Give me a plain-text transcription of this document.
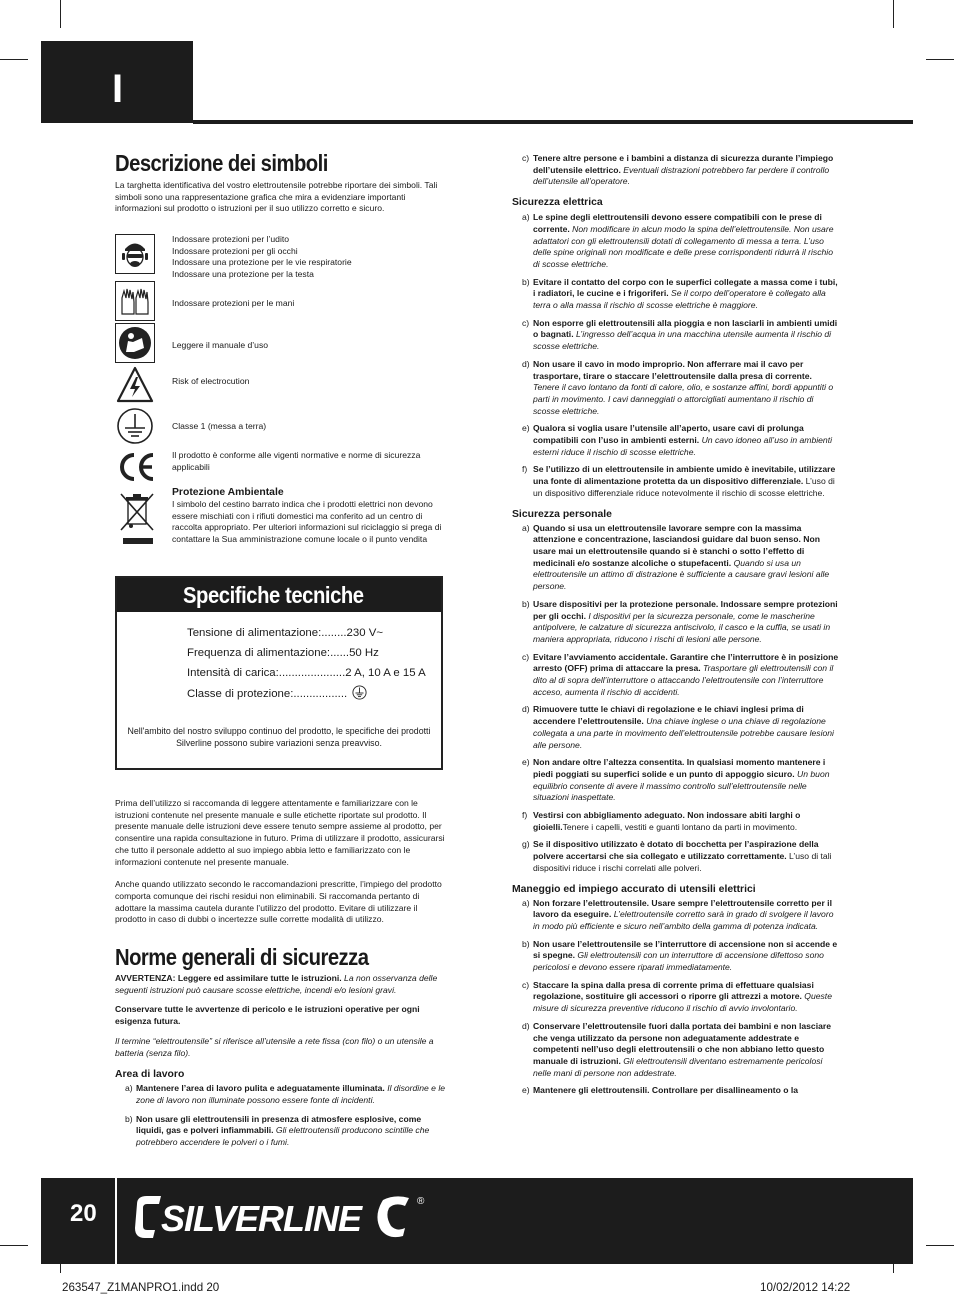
I
Descrizione dei simboli

La targhetta identificativa del vostro elettroutensile potrebbe riportare dei simboli. Tali simboli sono una rappresentazione grafica che mira a evidenziare importanti informazioni sul prodotto o istruzioni per il suo utilizzo corretto e sicuro.

Indossare protezioni per l’udito
Indossare protezioni per gli occhi
Indossare una protezione per le vie respiratorie
Indossare una protezione per la testa
Indossare protezioni per le mani
Leggere il manuale d’uso
Risk of electrocution
Classe 1 (messa a terra)
Il prodotto è conforme alle vigenti normative e norme di sicurezza applicabili
Protezione Ambientale
I simbolo del cestino barrato indica che i prodotti elettrici non devono essere mischiati con i rifiuti domestici ma conferito ad un centro di raccolta appropriato. Per ulteriori informazioni sul riciclaggio si prega di contattare la Sua amministrazione comune locale o il punto vendita
Specifiche tecniche
Tensione di alimentazione:........230 V~
Frequenza di alimentazione:......50 Hz
Intensità di carica:.....................2 A, 10 A e 15 A
Classe di protezione:.................
Nell'ambito del nostro sviluppo continuo del prodotto, le specifiche dei prodotti Silverline possono subire variazioni senza preavviso.

Prima dell’utilizzo si raccomanda di leggere attentamente e familiarizzare con le istruzioni contenute nel presente manuale e sulle etichette riportate sul prodotto. Il presente manuale delle istruzioni deve essere tenuto sempre assieme al prodotto, per consentire una rapida consultazione in futuro. Prima di utilizzare il prodotto, assicurarsi che tutto il personale addetto al suo impiego abbia letto e familiarizzato con le informazioni contenute nel presente manuale.

Anche quando utilizzato secondo le raccomandazioni prescritte, l’impiego del prodotto comporta comunque dei rischi residui non eliminabili. Si raccomanda pertanto di adottare la massima cautela durante l’utilizzo del prodotto. Evitare di utilizzare il prodotto in caso di dubbi o incertezze sulle corrette modalità di utilizzo.

Norme generali di sicurezza

AVVERTENZA: Leggere ed assimilare tutte le istruzioni. La non osservanza delle seguenti istruzioni può causare scosse elettriche, incendi e/o lesioni gravi.

Conservare tutte le avvertenze di pericolo e le istruzioni operative per ogni esigenza futura.

Il termine “elettroutensile” si riferisce all’utensile a rete fissa (con filo) o un utensile a batteria (senza filo).

Area di lavoro

a) Mantenere l’area di lavoro pulita e adeguatamente illuminata. Il disordine e le zone di lavoro non illuminate possono essere fonte di incidenti.
b) Non usare gli elettroutensili in presenza di atmosfere esplosive, come liquidi, gas e polveri infiammabili. Gli elettroutensili producono scintille che potrebbero accendere le polveri o i fumi.
c) Tenere altre persone e i bambini a distanza di sicurezza durante l’impiego dell’utensile elettrico. Eventuali distrazioni potrebbero far perdere il controllo dell’utensile all’operatore.

Sicurezza elettrica

a) Le spine degli elettroutensili devono essere compatibili con le prese di corrente. Non modificare in alcun modo la spina dell’elettroutensile. Non usare adattatori con gli elettroutensili dotati di collegamento di messa a terra. L’uso delle spine originali non modificate e delle prese corrispondenti ridurrà il rischio di scosse elettriche.
b) Evitare il contatto del corpo con le superfici collegate a massa come i tubi, i radiatori, le cucine e i frigoriferi. Se il corpo dell’operatore è collegato alla terra o alla massa il rischio di scosse elettriche è maggiore.
c) Non esporre gli elettroutensili alla pioggia e non lasciarli in ambienti umidi o bagnati. L’ingresso dell’acqua in una macchina utensile aumenta il rischio di scosse elettriche.
d) Non usare il cavo in modo improprio. Non afferrare mai il cavo per trasportare, tirare o staccare l’elettroutensile dalla presa di corrente. Tenere il cavo lontano da fonti di calore, olio, e sostanze affini, bordi appuntiti o parti in movimento. I cavi danneggiati o attorcigliati aumentano il rischio di scosse elettriche.
e) Qualora si voglia usare l’utensile all’aperto, usare cavi di prolunga compatibili con l’uso in ambienti esterni. Un cavo idoneo all’uso in ambienti esterni riduce il rischio di scosse elettriche.
f) Se l’utilizzo di un elettroutensile in ambiente umido è inevitabile, utilizzare una fonte di alimentazione protetta da un dispositivo differenziale. L’uso di un dispositivo differenziale riduce notevolmente il rischio di scosse elettriche.

Sicurezza personale

a) Quando si usa un elettroutensile lavorare sempre con la massima attenzione e concentrazione, lasciandosi guidare dal buon senso. Non usare mai un elettroutensile quando si è stanchi o sotto l’effetto di medicinali e/o sostanze alcoliche o stupefacenti. Quando si usa un elettroutensile un attimo di distrazione è sufficiente a causare gravi lesioni alle persone.
b) Usare dispositivi per la protezione personale. Indossare sempre protezioni per gli occhi. I dispositivi per la sicurezza personale, come le mascherine antipolvere, le calzature di sicurezza antiscivolo, il casco e la cuffia, se usati in maniera appropriata, riducono i rischi di lesioni alle persone.
c) Evitare l’avviamento accidentale. Garantire che l’interruttore è in posizione arresto (OFF) prima di attaccare la presa. Trasportare gli elettroutensili con il dito al di sopra dell’interruttore o attaccando l’elettroutensile con l’interruttore acceso, aumenta il rischio di accidenti.
d) Rimuovere tutte le chiavi di regolazione e le chiavi inglesi prima di accendere l’elettroutensile. Una chiave inglese o una chiave di regolazione collegata a una parte in movimento dell’elettroutensile potrebbe causare lesioni alle persone.
e) Non andare oltre l’altezza consentita. In qualsiasi momento mantenere i piedi poggiati su superfici solide e un punto di appoggio sicuro. Un buon equilibrio consente di avere il massimo controllo sull’elettroutensile nelle situazioni inaspettate.
f) Vestirsi con abbigliamento adeguato. Non indossare abiti larghi o gioielli.Tenere i capelli, vestiti e guanti lontano da parti in movimento.
g) Se il dispositivo utilizzato è dotato di bocchetta per l’aspirazione della polvere accertarsi che sia collegato e utilizzato correttamente. L’uso di tali dispositivi riduce i rischi correlati alle polveri.

Maneggio ed impiego accurato di utensili elettrici

a) Non forzare l’elettroutensile. Usare sempre l’elettroutensile corretto per il lavoro da eseguire. L’elettroutensile corretto sarà in grado di svolgere il lavoro in modo più efficiente e sicuro nell’ambito della gamma di potenza indicata.
b) Non usare l’elettroutensile se l’interruttore di accensione non si accende e si spegne. Gli elettroutensili con un interruttore di accensione difettoso sono pericolosi e devono essere riparati immediatamente.
c) Staccare la spina dalla presa di corrente prima di effettuare qualsiasi regolazione, sostituire gli accessori o riporre gli attrezzi a motore. Queste misure di sicurezza preventive riducono il rischio di avvio involontario.
d) Conservare l’elettroutensile fuori dalla portata dei bambini e non lasciare che venga utilizzato da persone non adeguatamente addestrate e competenti nell’uso degli elettroutensili o che non abbiano letto questo manuale di istruzioni. Gli elettroutensili diventano estremamente pericolosi nelle mani di persone non addestrate.
e) Mantenere gli elettroutensili. Controllare per disallineamento o la
20 SILVERLINE	®
263547_Z1MANPRO1.indd 20	10/02/2012 14:22
